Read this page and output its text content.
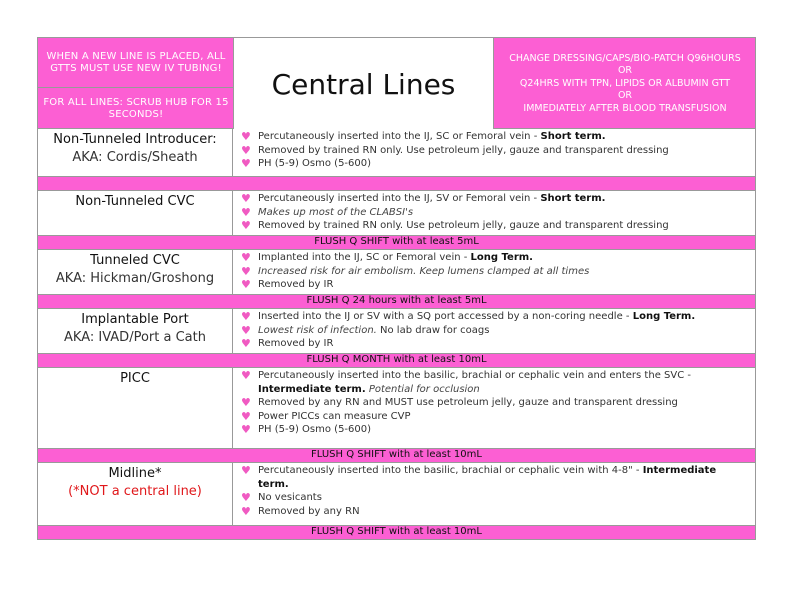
WHEN A NEW LINE IS PLACED, ALL GTTS MUST USE NEW IV TUBING!
FOR ALL LINES: SCRUB HUB FOR 15 SECONDS!
Central Lines
CHANGE DRESSING/CAPS/BIO-PATCH Q96HOURS
OR
Q24HRS WITH TPN, LIPIDS OR ALBUMIN GTT
OR
IMMEDIATELY AFTER BLOOD TRANSFUSION
Non-Tunneled Introducer:
AKA: Cordis/Sheath
♥ Percutaneously inserted into the IJ, SC or Femoral vein - Short term.
♥ Removed by trained RN only. Use petroleum jelly, gauze and transparent dressing
♥ PH (5-9) Osmo (5-600)
Non-Tunneled CVC	♥ Percutaneously inserted into the IJ, SV or Femoral vein - Short term.
♥ Makes up most of the CLABSI's
♥ Removed by trained RN only. Use petroleum jelly, gauze and transparent dressing
FLUSH Q SHIFT with at least 5mL
Tunneled CVC
AKA: Hickman/Groshong
♥ Implanted into the IJ, SC or Femoral vein - Long Term.
♥ Increased risk for air embolism. Keep lumens clamped at all times
♥ Removed by IR
FLUSH Q 24 hours with at least 5mL
Implantable Port
AKA: IVAD/Port a Cath
♥ Inserted into the IJ or SV with a SQ port accessed by a non-coring needle - Long Term.
♥ Lowest risk of infection. No lab draw for coags
♥ Removed by IR
FLUSH Q MONTH with at least 10mL
PICC	♥ Percutaneously inserted into the basilic, brachial or cephalic vein and enters the SVC -
Intermediate term. Potential for occlusion
♥ Removed by any RN and MUST use petroleum jelly, gauze and transparent dressing
♥ Power PICCs can measure CVP
♥ PH (5-9) Osmo (5-600)
FLUSH Q SHIFT with at least 10mL
Midline*
(*NOT a central line)
♥ Percutaneously inserted into the basilic, brachial or cephalic vein with 4-8" - Intermediate
term.
♥ No vesicants
♥ Removed by any RN
FLUSH Q SHIFT with at least 10mL
